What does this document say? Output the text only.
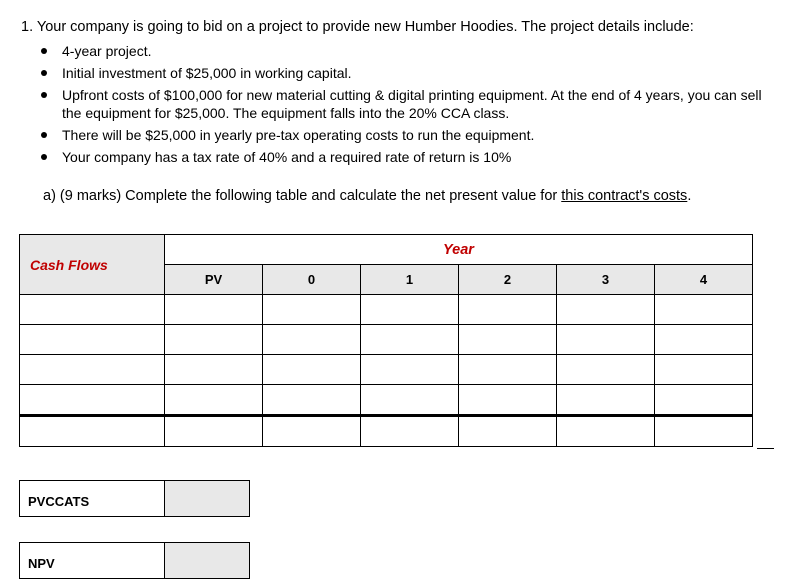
1. Your company is going to bid on a project to provide new Humber Hoodies. The project details include:
4-year project.
Initial investment of $25,000 in working capital.
Upfront costs of $100,000 for new material cutting & digital printing equipment. At the end of 4 years, you can sell the equipment for $25,000. The equipment falls into the 20% CCA class.
There will be $25,000 in yearly pre-tax operating costs to run the equipment.
Your company has a tax rate of 40% and a required rate of return is 10%
a) (9 marks) Complete the following table and calculate the net present value for this contract's costs.
Cash Flows	Year					
	PV	0	1	2	3	4

PVCCATS	
NPV	
